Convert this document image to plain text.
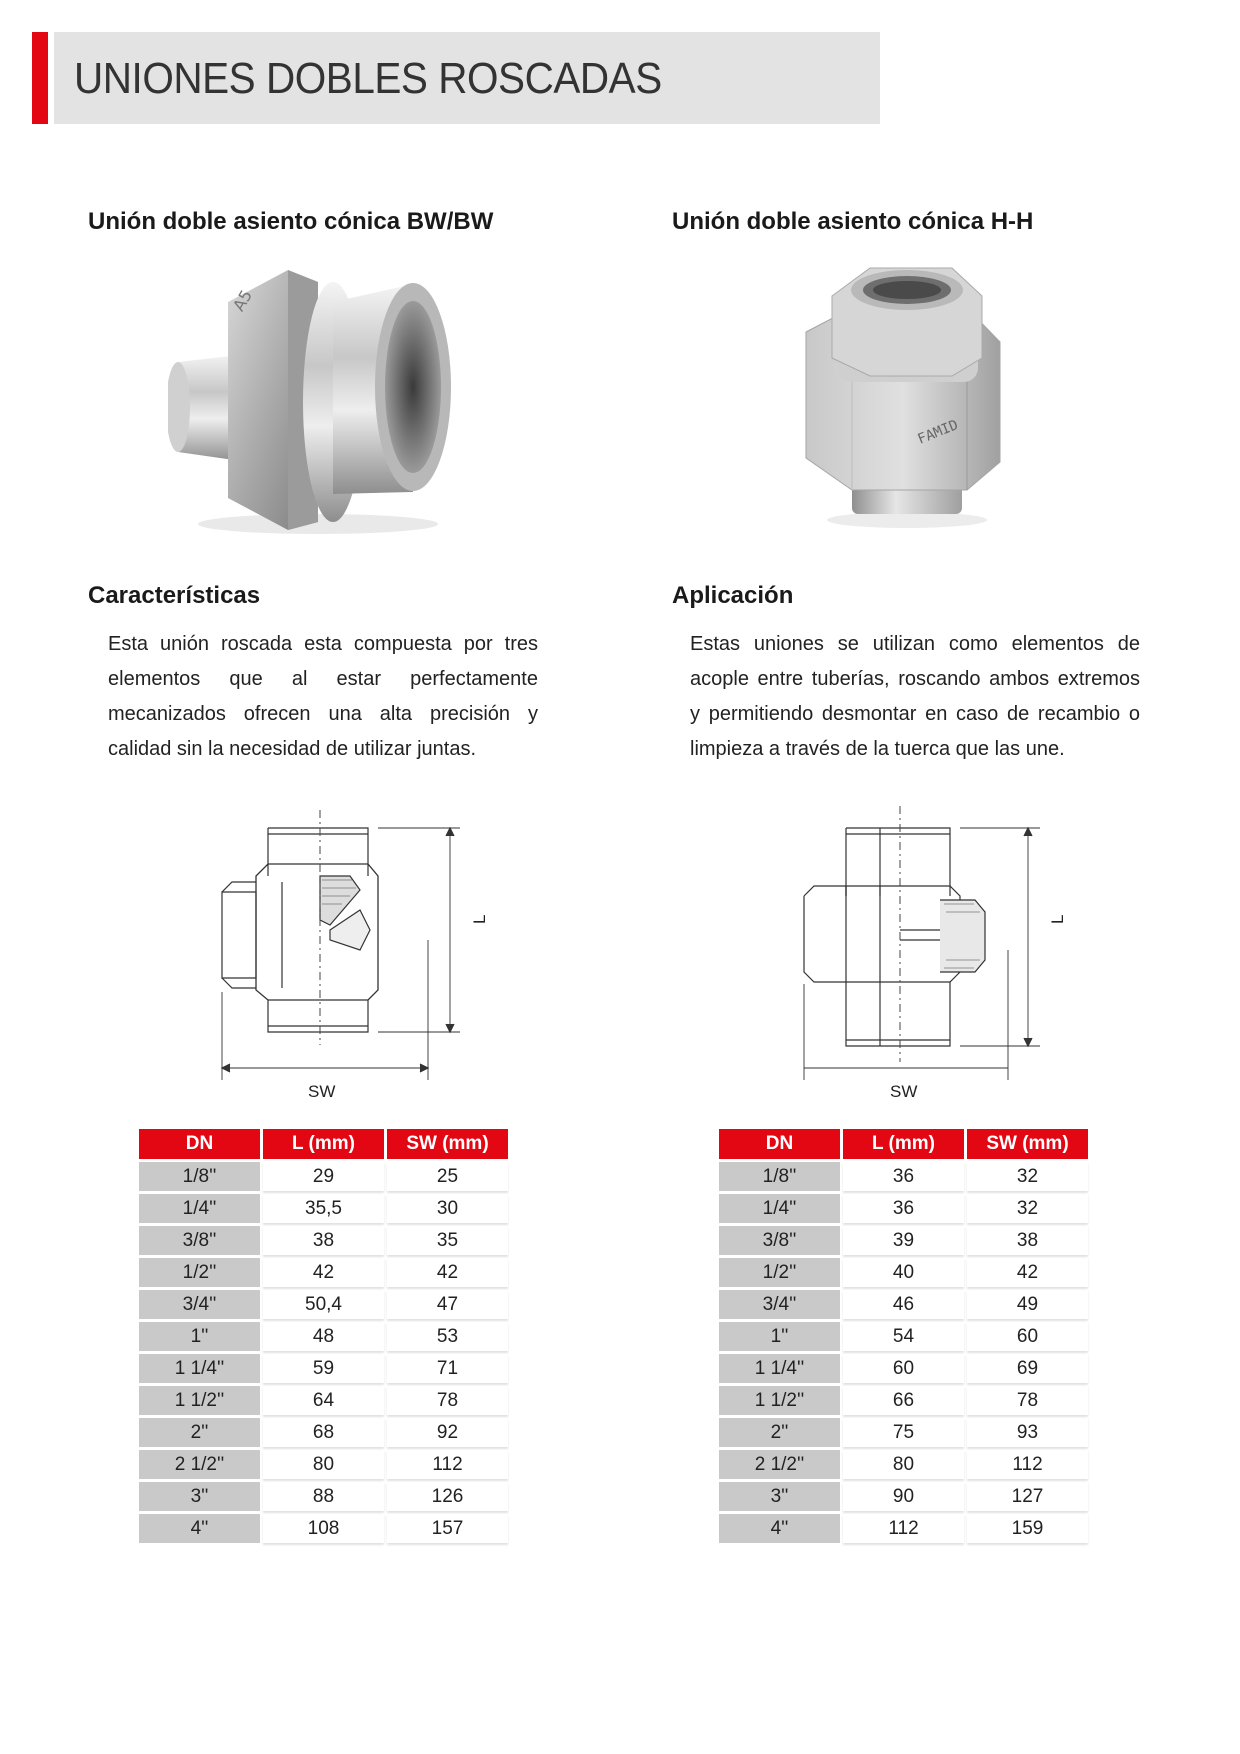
UNIONES DOBLES ROSCADAS
Unión doble asiento cónica BW/BW	Unión doble asiento cónica H-H
A5
FAMID
Características	Aplicación
Esta unión roscada esta compuesta por tres elementos que al estar perfectamente mecanizados ofrecen una alta precisión y calidad sin la necesidad de utilizar juntas.
Estas uniones se utilizan como elementos de acople entre tuberías, roscando ambos extremos y permitiendo desmontar en caso de recambio o limpieza a través de la tuerca que las une.
L
SW
L
SW
DN	L (mm)	SW (mm)
1/8''	29	25
1/4''	35,5	30
3/8''	38	35
1/2''	42	42
3/4''	50,4	47
1''	48	53
1 1/4''	59	71
1 1/2''	64	78
2''	68	92
2 1/2''	80	112
3''	88	126
4''	108	157
DN	L (mm)	SW (mm)
1/8''	36	32
1/4''	36	32
3/8''	39	38
1/2''	40	42
3/4''	46	49
1''	54	60
1 1/4''	60	69
1 1/2''	66	78
2''	75	93
2 1/2''	80	112
3''	90	127
4''	112	159
